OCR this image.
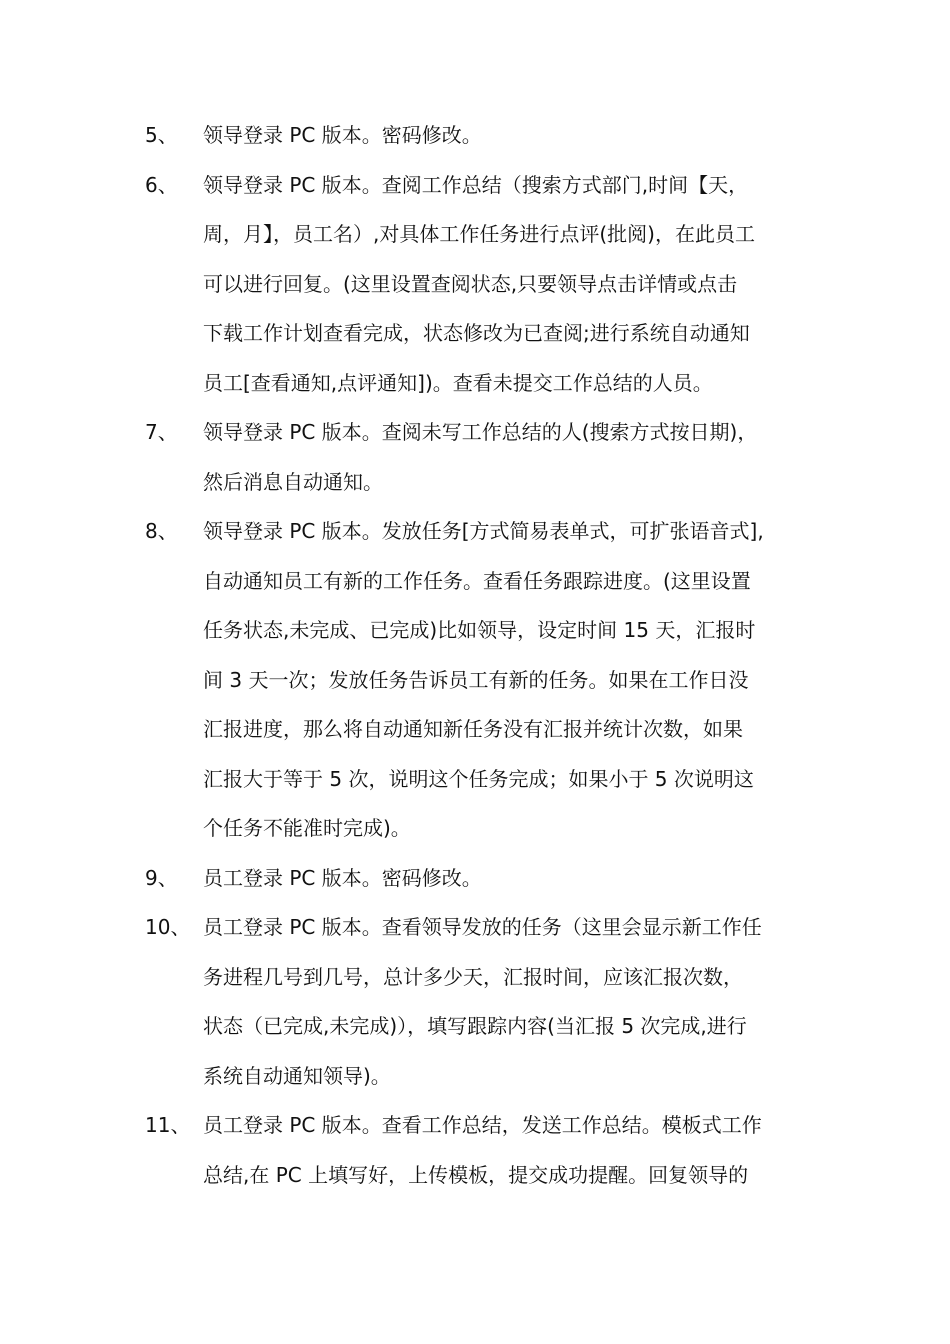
5、	领导登录 PC 版本。密码修改。
6、	领导登录 PC 版本。查阅工作总结（搜索方式部门,时间【天，
周，月】，员工名）,对具体工作任务进行点评(批阅)，在此员工
可以进行回复。(这里设置查阅状态,只要领导点击详情或点击
下载工作计划查看完成，状态修改为已查阅;进行系统自动通知
员工[查看通知,点评通知])。查看未提交工作总结的人员。
7、	领导登录 PC 版本。查阅未写工作总结的人(搜索方式按日期)，
然后消息自动通知。
8、	领导登录 PC 版本。发放任务[方式简易表单式，可扩张语音式],
自动通知员工有新的工作任务。查看任务跟踪进度。(这里设置
任务状态,未完成、已完成)比如领导，设定时间 15 天，汇报时
间 3 天一次；发放任务告诉员工有新的任务。如果在工作日没
汇报进度，那么将自动通知新任务没有汇报并统计次数，如果
汇报大于等于 5 次，说明这个任务完成；如果小于 5 次说明这
个任务不能准时完成)。
9、	员工登录 PC 版本。密码修改。
10、 员工登录 PC 版本。查看领导发放的任务（这里会显示新工作任
务进程几号到几号，总计多少天，汇报时间，应该汇报次数，
状态（已完成,未完成)），填写跟踪内容(当汇报 5 次完成,进行
系统自动通知领导)。
11、 员工登录 PC 版本。查看工作总结，发送工作总结。模板式工作
总结,在 PC 上填写好，上传模板，提交成功提醒。回复领导的
